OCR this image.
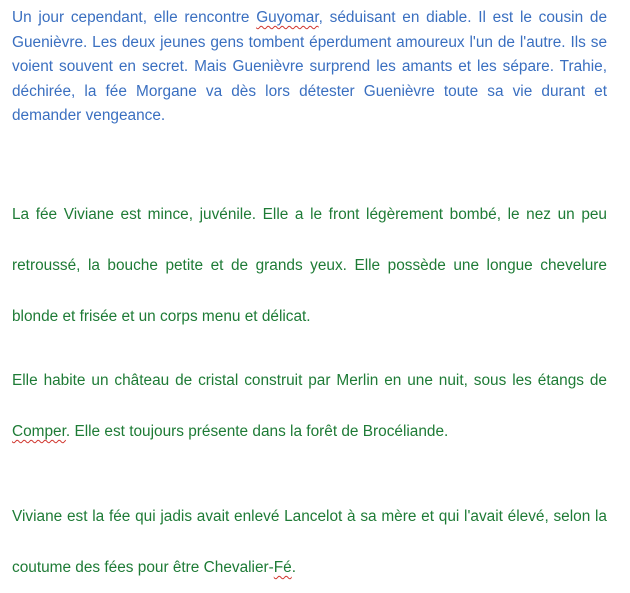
Un jour cependant, elle rencontre Guyomar, séduisant en diable. Il est le cousin de Guenièvre. Les deux jeunes gens tombent éperdument amoureux l'un de l'autre. Ils se voient souvent en secret. Mais Guenièvre surprend les amants et les sépare. Trahie, déchirée, la fée Morgane va dès lors détester Guenièvre toute sa vie durant et demander vengeance.

La fée Viviane est mince, juvénile. Elle a le front légèrement bombé, le nez un peu retroussé, la bouche petite et de grands yeux. Elle possède une longue chevelure blonde et frisée et un corps menu et délicat.

Elle habite un château de cristal construit par Merlin en une nuit, sous les étangs de Comper. Elle est toujours présente dans la forêt de Brocéliande.

Viviane est la fée qui jadis avait enlevé Lancelot à sa mère et qui l'avait élevé, selon la coutume des fées pour être Chevalier-Fé.
